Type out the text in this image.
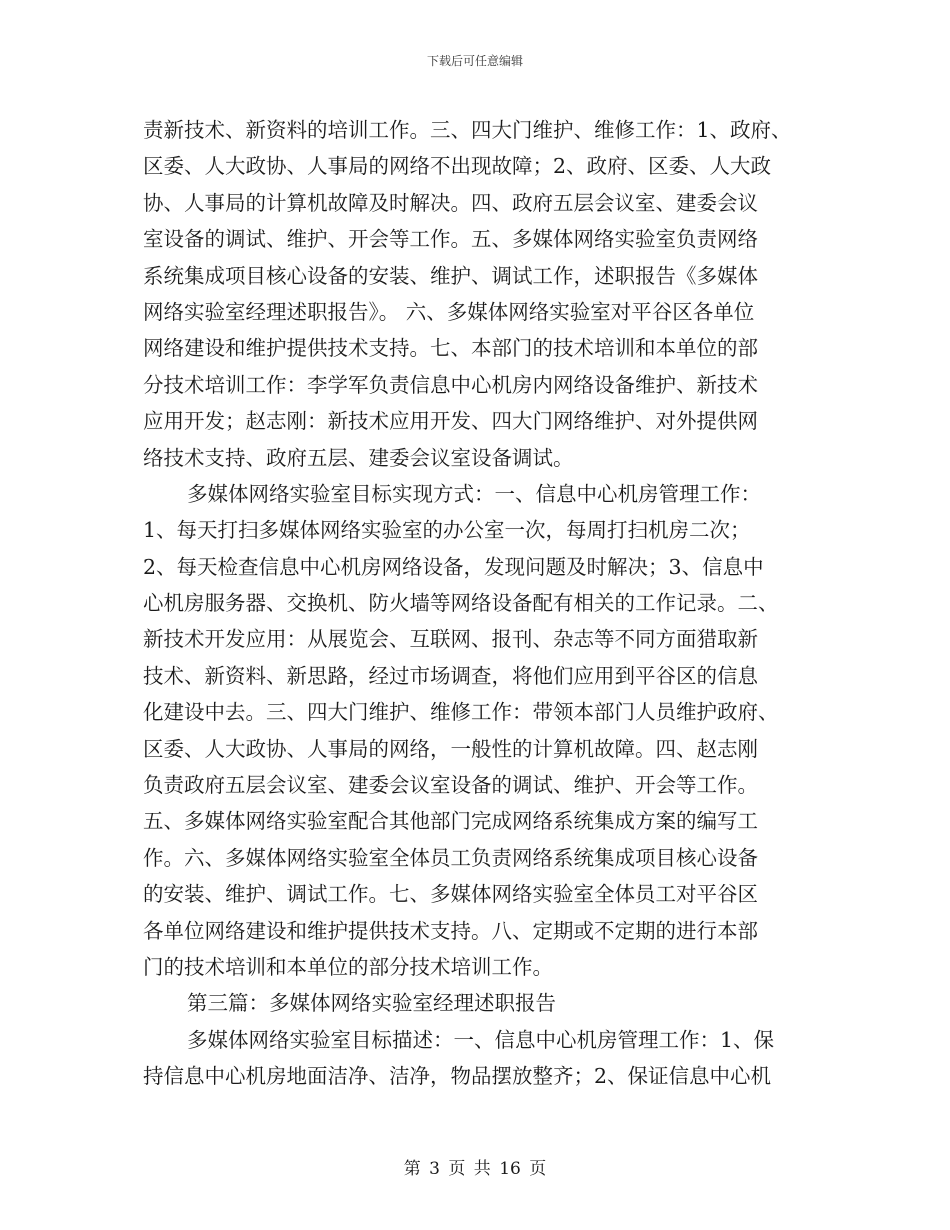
下载后可任意编辑
责新技术、新资料的培训工作。三、四大门维护、维修工作：1、政府、
区委、人大政协、人事局的网络不出现故障；2、政府、区委、人大政
协、人事局的计算机故障及时解决。四、政府五层会议室、建委会议
室设备的调试、维护、开会等工作。五、多媒体网络实验室负责网络
系统集成项目核心设备的安装、维护、调试工作，述职报告《多媒体
网络实验室经理述职报告》。 六、多媒体网络实验室对平谷区各单位
网络建设和维护提供技术支持。七、本部门的技术培训和本单位的部
分技术培训工作：李学军负责信息中心机房内网络设备维护、新技术
应用开发；赵志刚：新技术应用开发、四大门网络维护、对外提供网
络技术支持、政府五层、建委会议室设备调试。
多媒体网络实验室目标实现方式：一、信息中心机房管理工作：
1、每天打扫多媒体网络实验室的办公室一次，每周打扫机房二次；
2、每天检查信息中心机房网络设备，发现问题及时解决；3、信息中
心机房服务器、交换机、防火墙等网络设备配有相关的工作记录。二、
新技术开发应用：从展览会、互联网、报刊、杂志等不同方面猎取新
技术、新资料、新思路，经过市场调查，将他们应用到平谷区的信息
化建设中去。三、四大门维护、维修工作：带领本部门人员维护政府、
区委、人大政协、人事局的网络，一般性的计算机故障。四、赵志刚
负责政府五层会议室、建委会议室设备的调试、维护、开会等工作。
五、多媒体网络实验室配合其他部门完成网络系统集成方案的编写工
作。六、多媒体网络实验室全体员工负责网络系统集成项目核心设备
的安装、维护、调试工作。七、多媒体网络实验室全体员工对平谷区
各单位网络建设和维护提供技术支持。八、定期或不定期的进行本部
门的技术培训和本单位的部分技术培训工作。
第三篇：多媒体网络实验室经理述职报告
多媒体网络实验室目标描述：一、信息中心机房管理工作：1、保
持信息中心机房地面洁净、洁净，物品摆放整齐；2、保证信息中心机
第 3 页 共 16 页
